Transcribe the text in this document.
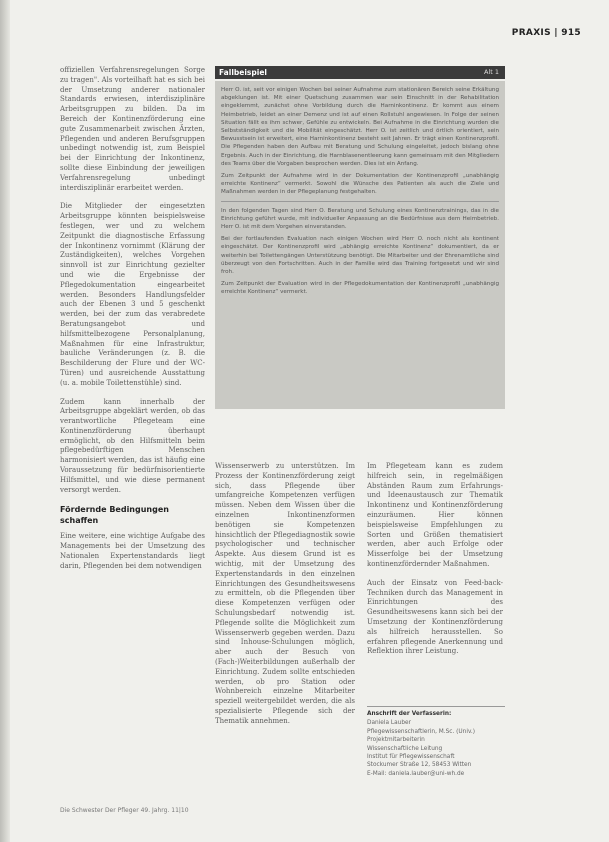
PRAXIS | 915

offiziellen Verfahrensregelungen Sorge zu tragen". Als vorteilhaft hat es sich bei der Umsetzung anderer nationaler Standards erwiesen, interdisziplinäre Arbeitsgruppen zu bilden. Da im Bereich der Kontinenzförderung eine gute Zusammenarbeit zwischen Ärzten, Pflegenden und anderen Berufsgruppen unbedingt notwendig ist, zum Beispiel bei der Einrichtung der Inkontinenz, sollte diese Einbindung der jeweiligen Verfahrensregelung unbedingt interdisziplinär erarbeitet werden.

Die Mitglieder der eingesetzten Arbeitsgruppe könnten beispielsweise festlegen, wer und zu welchem Zeitpunkt die diagnostische Erfassung der Inkontinenz vornimmt (Klärung der Zuständigkeiten), welches Vorgehen sinnvoll ist zur Einrichtung gezielter und wie die Ergebnisse der Pflegedokumentation eingearbeitet werden. Besonders Handlungsfelder auch der Ebenen 3 und 5 geschenkt werden, bei der zum das verabredete Beratungsangebot und hilfsmittelbezogene Personalplanung, Maßnahmen für eine Infrastruktur, bauliche Veränderungen (z. B. die Beschilderung der Flure und der WC-Türen) und ausreichende Ausstattung (u. a. mobile Toilettenstühle) sind.

Zudem kann innerhalb der Arbeitsgruppe abgeklärt werden, ob das verantwortliche Pflegeteam eine Kontinenzförderung überhaupt ermöglicht, ob den Hilfsmitteln beim pflegebedürftigen Menschen harmonisiert werden, das ist häufig eine Voraussetzung für bedürfnisorientierte Hilfsmittel, und wie diese permanent versorgt werden.

Fördernde Bedingungen schaffen

Eine weitere, eine wichtige Aufgabe des Managements bei der Umsetzung des Nationalen Expertenstandards liegt darin, Pflegenden bei dem notwendigen

Fallbeispiel	Alt 1

Herr O. ist, seit vor einigen Wochen bei seiner Aufnahme zum stationären Bereich seine Erkältung abgeklungen ist. Mit einer Quetschung zusammen war sein Einschnitt in der Rehabilitation eingeklemmt, zunächst ohne Vorbildung durch die Harninkontinenz. Er kommt aus einem Heimbetrieb, leidet an einer Demenz und ist auf einen Rollstuhl angewiesen. In Folge der seinen Situation fällt es ihm schwer, Gefühle zu entwickeln. Bei Aufnahme in die Einrichtung wurden die Selbstständigkeit und die Mobilität eingeschätzt. Herr O. ist zeitlich und örtlich orientiert, sein Bewusstsein ist erweitert, eine Harninkontinenz besteht seit Jahren. Er trägt einen Kontinenzprofil. Die Pflegenden haben den Aufbau mit Beratung und Schulung eingeleitet, jedoch bislang ohne Ergebnis. Auch in der Einrichtung, die Harnblasenentleerung kann gemeinsam mit den Mitgliedern des Teams über die Vorgaben besprochen werden. Dies ist ein Anfang.

Zum Zeitpunkt der Aufnahme wird in der Dokumentation der Kontinenzprofil „unabhängig erreichte Kontinenz“ vermerkt. Sowohl die Wünsche des Patienten als auch die Ziele und Maßnahmen werden in der Pflegeplanung festgehalten.

In den folgenden Tagen sind Herr O. Beratung und Schulung eines Kontinenztrainings, das in die Einrichtung geführt wurde, mit individueller Anpassung an die Bedürfnisse aus dem Heimbetrieb. Herr O. ist mit dem Vorgehen einverstanden.

Bei der fortlaufenden Evaluation nach einigen Wochen wird Herr O. noch nicht als kontinent eingeschätzt. Der Kontinenzprofil wird „abhängig erreichte Kontinenz“ dokumentiert, da er weiterhin bei Toilettengängen Unterstützung benötigt. Die Mitarbeiter und der Ehrenamtliche sind überzeugt von den Fortschritten. Auch in der Familie wird das Training fortgesetzt und wir sind froh.

Zum Zeitpunkt der Evaluation wird in der Pflegedokumentation der Kontinenzprofil „unabhängig erreichte Kontinenz“ vermerkt.

Wissenserwerb zu unterstützen. Im Prozess der Kontinenzförderung zeigt sich, dass Pflegende über umfangreiche Kompetenzen verfügen müssen. Neben dem Wissen über die einzelnen Inkontinenzformen benötigen sie Kompetenzen hinsichtlich der Pflegediagnostik sowie psychologischer und technischer Aspekte. Aus diesem Grund ist es wichtig, mit der Umsetzung des Expertenstandards in den einzelnen Einrichtungen des Gesundheitswesens zu ermitteln, ob die Pflegenden über diese Kompetenzen verfügen oder Schulungsbedarf notwendig ist. Pflegende sollte die Möglichkeit zum Wissenserwerb gegeben werden. Dazu sind Inhouse-Schulungen möglich, aber auch der Besuch von (Fach-)Weiterbildungen außerhalb der Einrichtung. Zudem sollte entschieden werden, ob pro Station oder Wohnbereich einzelne Mitarbeiter speziell weitergebildet werden, die als spezialisierte Pflegende sich der Thematik annehmen.

Im Pflegeteam kann es zudem hilfreich sein, in regelmäßigen Abständen Raum zum Erfahrungs- und Ideenaustausch zur Thematik Inkontinenz und Kontinenzförderung einzuräumen. Hier können beispielsweise Empfehlungen zu Sorten und Größen thematisiert werden, aber auch Erfolge oder Misserfolge bei der Umsetzung kontinenzfördernder Maßnahmen.

Auch der Einsatz von Feed-back-Techniken durch das Management in Einrichtungen des Gesundheitswesens kann sich bei der Umsetzung der Kontinenzförderung als hilfreich herausstellen. So erfahren pflegende Anerkennung und Reflektion ihrer Leistung.

Anschrift der Verfasserin:
Daniela Lauber
Pflegewissenschaftlerin, M.Sc. (Univ.)
Projektmitarbeiterin
Wissenschaftliche Leitung
Institut für Pflegewissenschaft
Stockumer Straße 12, 58453 Witten
E-Mail: daniela.lauber@uni-wh.de
Die Schwester Der Pfleger 49. Jahrg. 11|10
